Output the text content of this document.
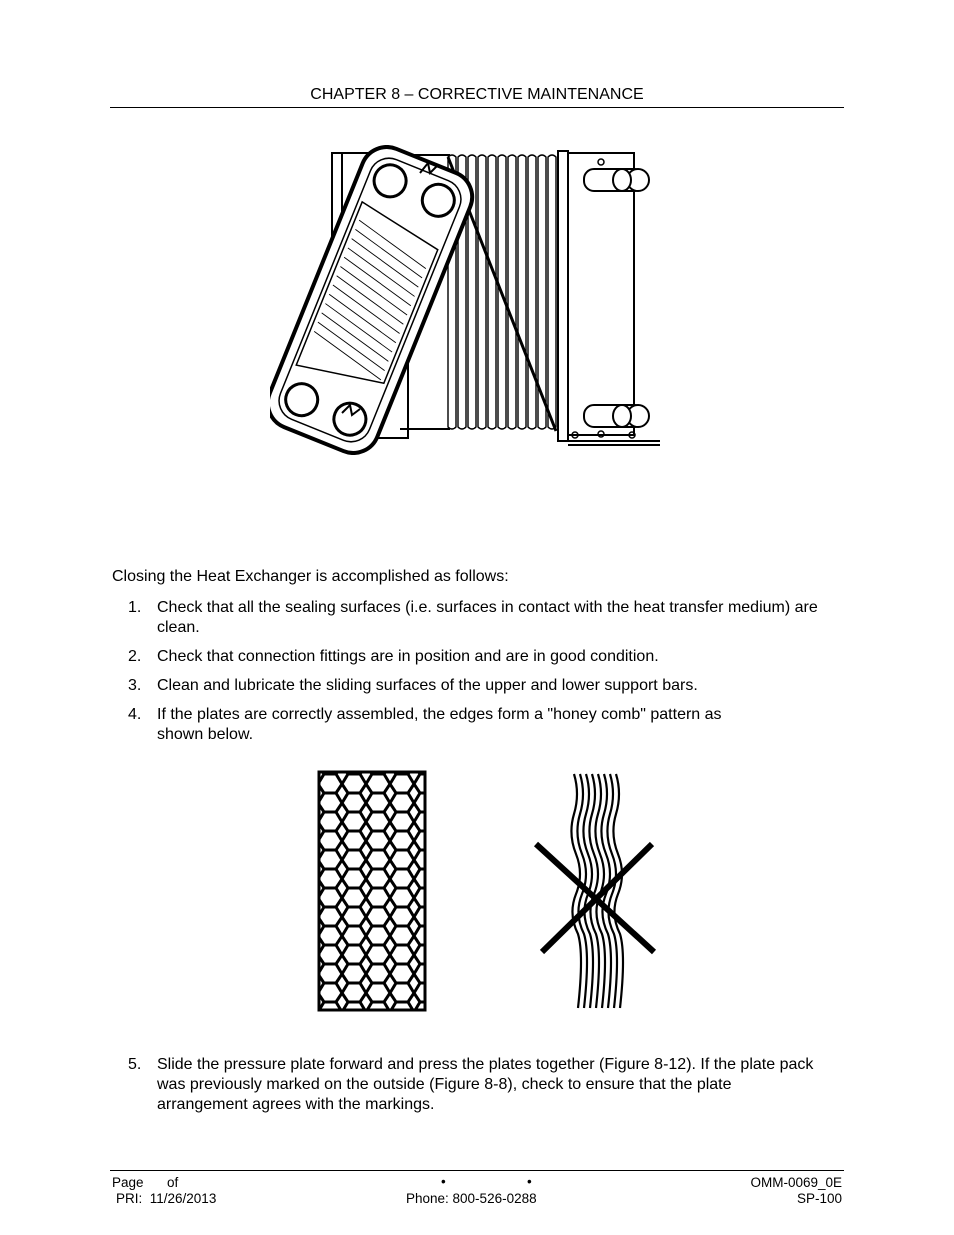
CHAPTER 8 – CORRECTIVE MAINTENANCE
Closing the Heat Exchanger is accomplished as follows:
1. Check that all the sealing surfaces (i.e. surfaces in contact with the heat transfer medium) are clean.
2. Check that connection fittings are in position and are in good condition.
3. Clean and lubricate the sliding surfaces of the upper and lower support bars.
4. If the plates are correctly assembled, the edges form a "honey comb" pattern as shown below.
5. Slide the pressure plate forward and press the plates together (Figure 8-12). If the plate pack was previously marked on the outside (Figure 8-8), check to ensure that the plate arrangement agrees with the markings.
Page of	•	•	OMM-0069_0E
PRI:  11/26/2013	Phone: 800-526-0288	SP-100
